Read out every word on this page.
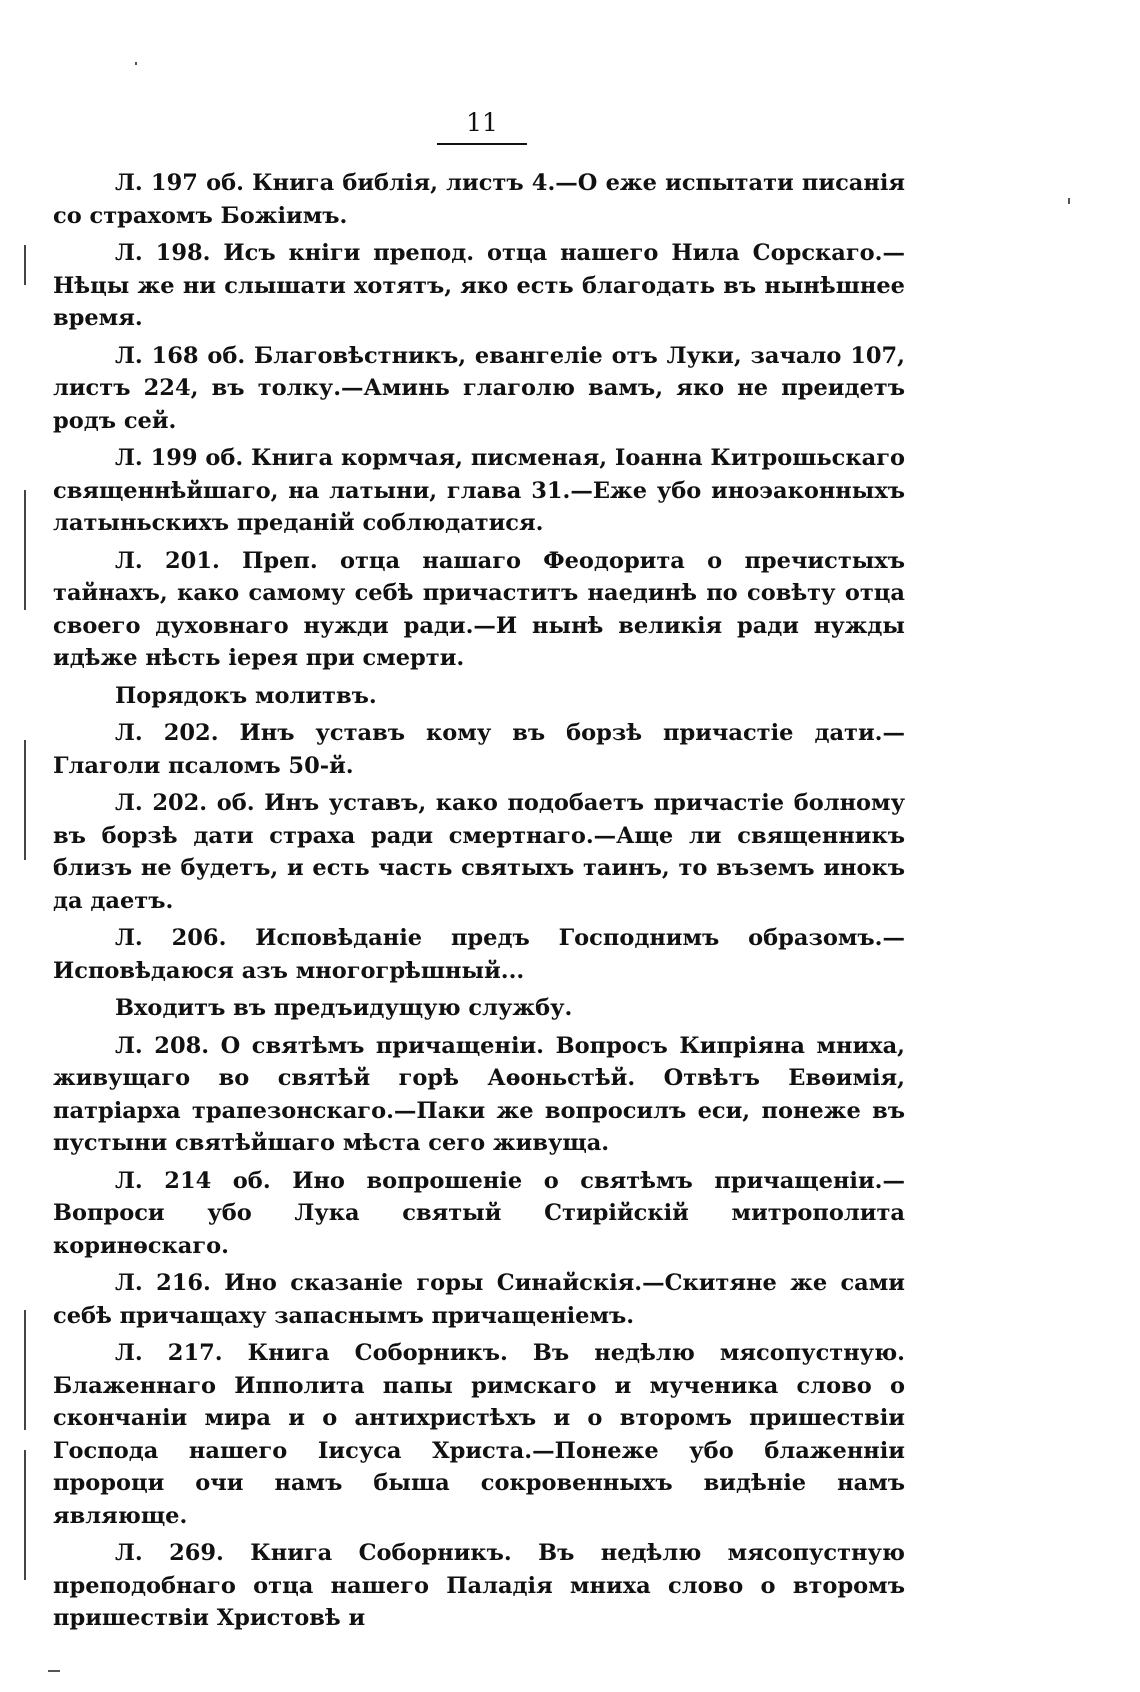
11

Л. 197 об. Книга библія, листъ 4.—О еже испытати писанія со страхомъ Божіимъ.

Л. 198. Исъ кніги препод. отца нашего Нила Сорскаго.—Нѣцы же ни слышати хотятъ, яко есть благодать въ нынѣшнее время.

Л. 168 об. Благовѣстникъ, евангеліе отъ Луки, зачало 107, листъ 224, въ толку.—Аминь глаголю вамъ, яко не преидетъ родъ сей.

Л. 199 об. Книга кормчая, писменая, Іоанна Китрошьскаго священнѣйшаго, на латыни, глава 31.—Еже убо иноэаконныхъ латыньскихъ преданій соблюдатися.

Л. 201. Преп. отца нашаго Феодорита о пречистыхъ тайнахъ, како самому себѣ причаститъ наединѣ по совѣту отца своего духовнаго нужди ради.—И нынѣ великія ради нужды идѣже нѣсть іерея при смерти.

Порядокъ молитвъ.

Л. 202. Инъ уставъ кому въ борзѣ причастіе дати.—Глаголи псаломъ 50-й.

Л. 202. об. Инъ уставъ, како подобаетъ причастіе болному въ борзѣ дати страха ради смертнаго.—Аще ли священникъ близъ не будетъ, и есть часть святыхъ таинъ, то въземъ инокъ да даетъ.

Л. 206. Исповѣданіе предъ Господнимъ образомъ.—Исповѣдаюся азъ многогрѣшный...

Входитъ въ предъидущую службу.

Л. 208. О святѣмъ причащеніи. Вопросъ Кипріяна мниха, живущаго во святѣй горѣ Аѳоньстѣй. Отвѣтъ Евѳимія, патріарха трапезонскаго.—Паки же вопросилъ еси, понеже въ пустыни святѣйшаго мѣста сего живуща.

Л. 214 об. Ино вопрошеніе о святѣмъ причащеніи.—Вопроси убо Лука святый Стирійскій митрополита коринѳскаго.

Л. 216. Ино сказаніе горы Синайскія.—Скитяне же сами себѣ причащаху запаснымъ причащеніемъ.

Л. 217. Книга Соборникъ. Въ недѣлю мясопустную. Блаженнаго Ипполита папы римскаго и мученика слово о скончаніи мира и о антихристѣхъ и о второмъ пришествіи Господа нашего Іисуса Христа.—Понеже убо блаженніи пророци очи намъ быша сокровенныхъ видѣніе намъ являюще.

Л. 269. Книга Соборникъ. Въ недѣлю мясопустную преподобнаго отца нашего Паладія мниха слово о второмъ пришествіи Христовѣ и
